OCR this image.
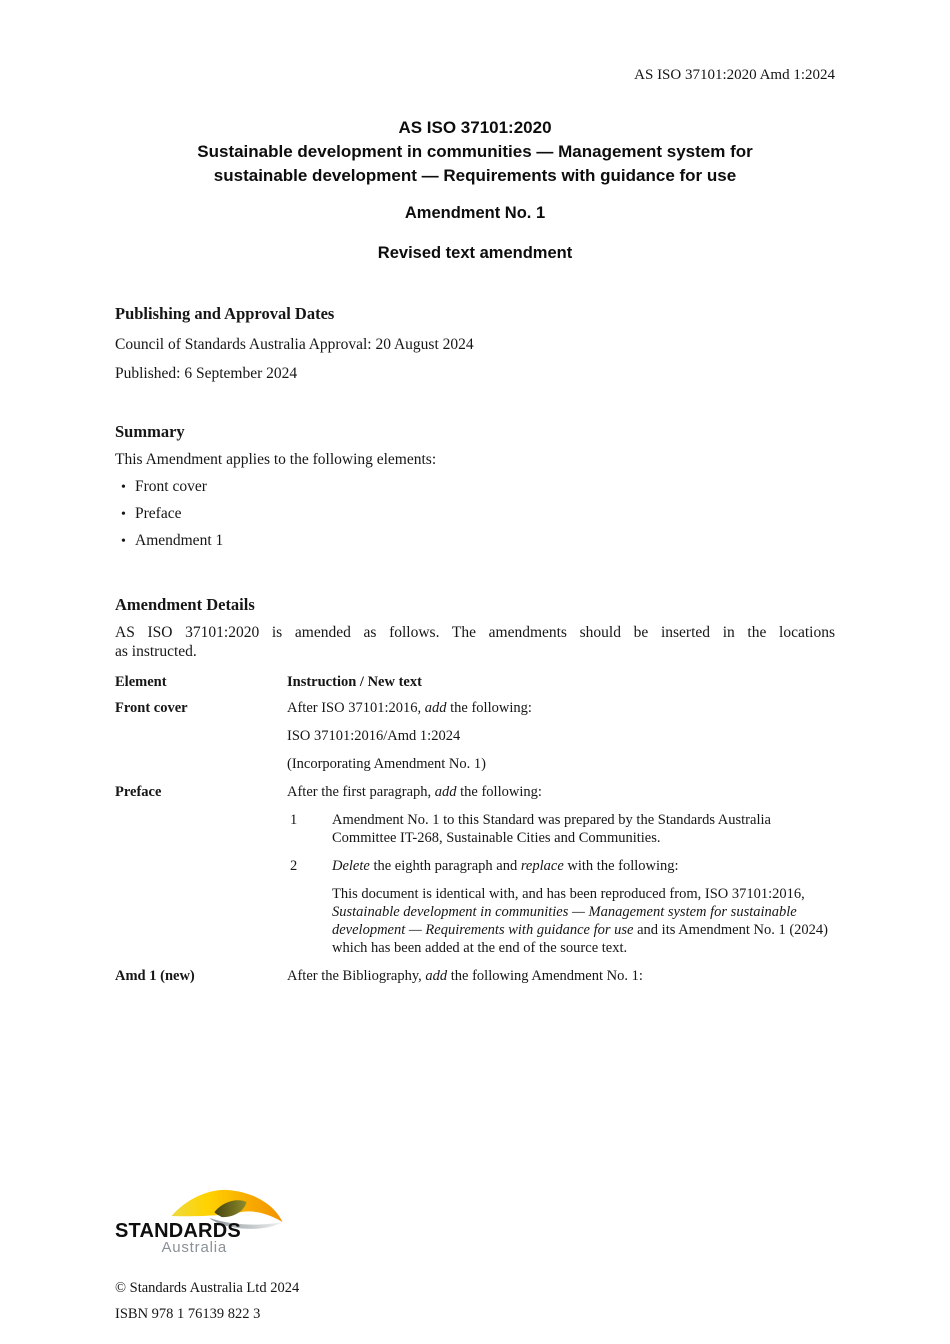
AS ISO 37101:2020 Amd 1:2024
AS ISO 37101:2020
Sustainable development in communities — Management system for sustainable development — Requirements with guidance for use
Amendment No. 1
Revised text amendment
Publishing and Approval Dates
Council of Standards Australia Approval: 20 August 2024
Published: 6 September 2024
Summary
This Amendment applies to the following elements:
• Front cover
• Preface
• Amendment 1
Amendment Details
AS ISO 37101:2020 is amended as follows. The amendments should be inserted in the locations
as instructed.
Element	Instruction / New text
Front cover	After ISO 37101:2016, add the following:

ISO 37101:2016/Amd 1:2024

(Incorporating Amendment No. 1)

Preface	After the first paragraph, add the following:

1	Amendment No. 1 to this Standard was prepared by the Standards Australia Committee IT-268, Sustainable Cities and Communities.

2	Delete the eighth paragraph and replace with the following:

This document is identical with, and has been reproduced from, ISO 37101:2016, Sustainable development in communities — Management system for sustainable development — Requirements with guidance for use and its Amendment No. 1 (2024) which has been added at the end of the source text.

Amd 1 (new)	After the Bibliography, add the following Amendment No. 1:

STANDARDS
Australia
© Standards Australia Ltd 2024
ISBN 978 1 76139 822 3
